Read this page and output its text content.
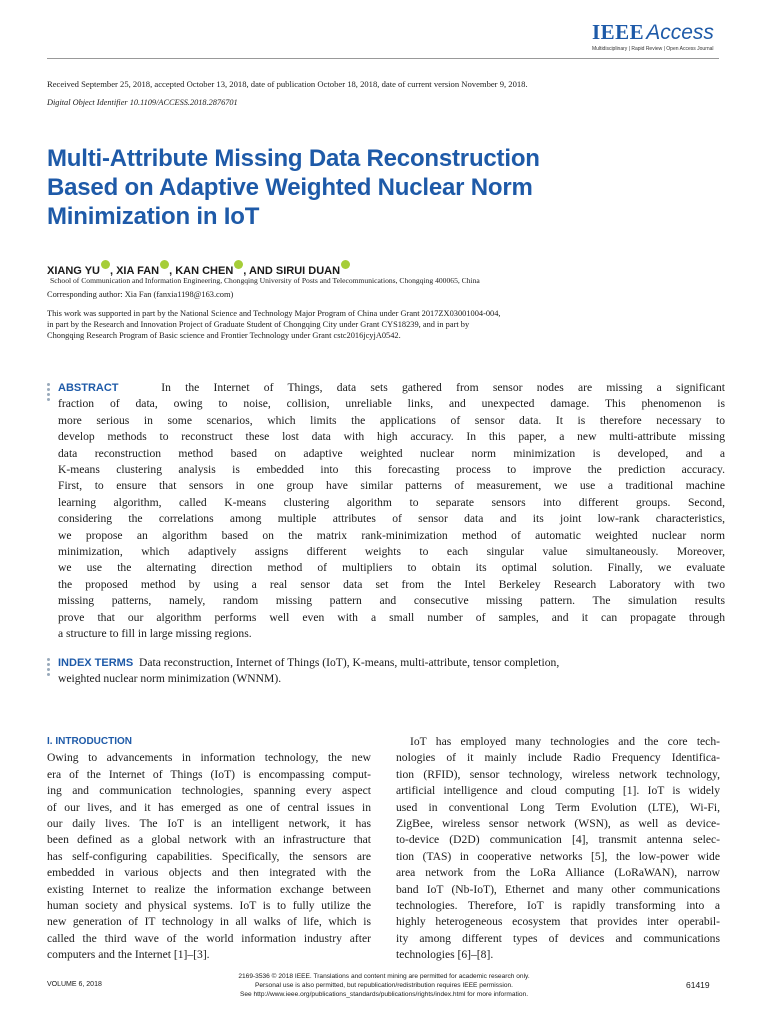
IEEEAccess
Multidisciplinary | Rapid Review | Open Access Journal
Received September 25, 2018, accepted October 13, 2018, date of publication October 18, 2018, date of current version November 9, 2018.
Digital Object Identifier 10.1109/ACCESS.2018.2876701
Multi-Attribute Missing Data Reconstruction
Based on Adaptive Weighted Nuclear Norm
Minimization in IoT
XIANG YU , XIA FAN , KAN CHEN , AND SIRUI DUAN
School of Communication and Information Engineering, Chongqing University of Posts and Telecommunications, Chongqing 400065, China
Corresponding author: Xia Fan (fanxia1198@163.com)
This work was supported in part by the National Science and Technology Major Program of China under Grant 2017ZX03001004-004,
in part by the Research and Innovation Project of Graduate Student of Chongqing City under Grant CYS18239, and in part by
Chongqing Research Program of Basic science and Frontier Technology under Grant cstc2016jcyjA0542.
ABSTRACT	In the Internet of Things, data sets gathered from sensor nodes are missing a significant
fraction of data, owing to noise, collision, unreliable links, and unexpected damage. This phenomenon is
more serious in some scenarios, which limits the applications of sensor data. It is therefore necessary to
develop methods to reconstruct these lost data with high accuracy. In this paper, a new multi-attribute missing
data reconstruction method based on adaptive weighted nuclear norm minimization is developed, and a
K-means clustering analysis is embedded into this forecasting process to improve the prediction accuracy.
First, to ensure that sensors in one group have similar patterns of measurement, we use a traditional machine
learning algorithm, called K-means clustering algorithm to separate sensors into different groups. Second,
considering the correlations among multiple attributes of sensor data and its joint low-rank characteristics,
we propose an algorithm based on the matrix rank-minimization method of automatic weighted nuclear norm
minimization, which adaptively assigns different weights to each singular value simultaneously. Moreover,
we use the alternating direction method of multipliers to obtain its optimal solution. Finally, we evaluate
the proposed method by using a real sensor data set from the Intel Berkeley Research Laboratory with two
missing patterns, namely, random missing pattern and consecutive missing pattern. The simulation results
prove that our algorithm performs well even with a small number of samples, and it can propagate through
a structure to fill in large missing regions.
INDEX TERMS Data reconstruction, Internet of Things (IoT), K-means, multi-attribute, tensor completion,
weighted nuclear norm minimization (WNNM).
I. INTRODUCTION
Owing to advancements in information technology, the new
era of the Internet of Things (IoT) is encompassing comput-
ing and communication technologies, spanning every aspect
of our lives, and it has emerged as one of central issues in
our daily lives. The IoT is an intelligent network, it has
been defined as a global network with an infrastructure that
has self-configuring capabilities. Specifically, the sensors are
embedded in various objects and then integrated with the
existing Internet to realize the information exchange between
human society and physical systems. IoT is to fully utilize the
new generation of IT technology in all walks of life, which is
called the third wave of the world information industry after
computers and the Internet [1]–[3].
IoT has employed many technologies and the core tech-
nologies of it mainly include Radio Frequency Identifica-
tion (RFID), sensor technology, wireless network technology,
artificial intelligence and cloud computing [1]. IoT is widely
used in conventional Long Term Evolution (LTE), Wi-Fi,
ZigBee, wireless sensor network (WSN), as well as device-
to-device (D2D) communication [4], transmit antenna selec-
tion (TAS) in cooperative networks [5], the low-power wide
area network from the LoRa Alliance (LoRaWAN), narrow
band IoT (Nb-IoT), Ethernet and many other communications
technologies. Therefore, IoT is rapidly transforming into a
highly heterogeneous ecosystem that provides inter operabil-
ity among different types of devices and communications
technologies [6]–[8].
VOLUME 6, 2018
2169-3536 © 2018 IEEE. Translations and content mining are permitted for academic research only.
Personal use is also permitted, but republication/redistribution requires IEEE permission.
See http://www.ieee.org/publications_standards/publications/rights/index.html for more information.
61419
